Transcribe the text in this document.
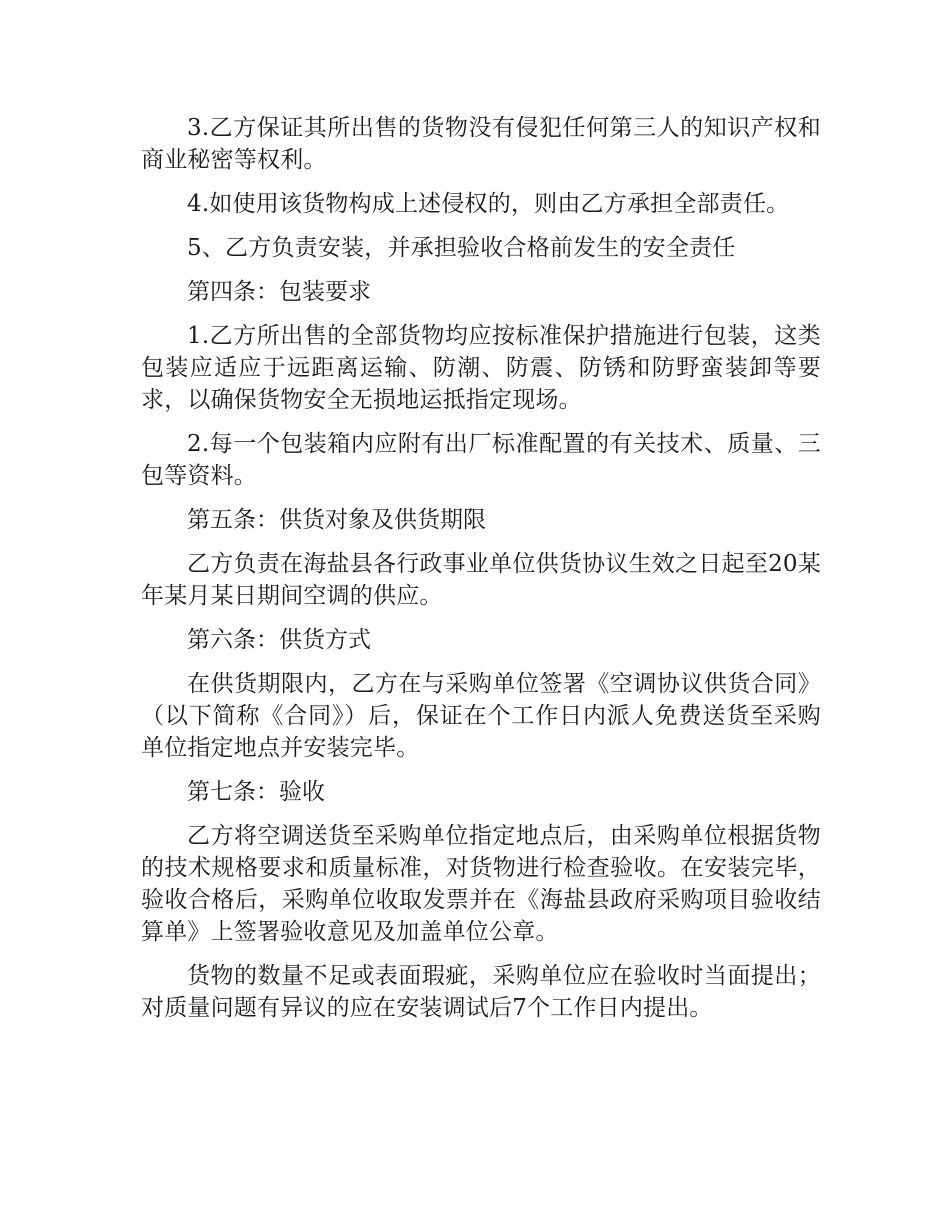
3.乙方保证其所出售的货物没有侵犯任何第三人的知识产权和商业秘密等权利。

4.如使用该货物构成上述侵权的，则由乙方承担全部责任。

5、乙方负责安装，并承担验收合格前发生的安全责任

第四条：包装要求

1.乙方所出售的全部货物均应按标准保护措施进行包装，这类包装应适应于远距离运输、防潮、防震、防锈和防野蛮装卸等要求，以确保货物安全无损地运抵指定现场。

2.每一个包装箱内应附有出厂标准配置的有关技术、质量、三包等资料。

第五条：供货对象及供货期限

乙方负责在海盐县各行政事业单位供货协议生效之日起至20某年某月某日期间空调的供应。

第六条：供货方式

在供货期限内，乙方在与采购单位签署《空调协议供货合同》（以下简称《合同》）后，保证在个工作日内派人免费送货至采购单位指定地点并安装完毕。

第七条：验收

乙方将空调送货至采购单位指定地点后，由采购单位根据货物的技术规格要求和质量标准，对货物进行检查验收。在安装完毕，验收合格后，采购单位收取发票并在《海盐县政府采购项目验收结算单》上签署验收意见及加盖单位公章。

货物的数量不足或表面瑕疵，采购单位应在验收时当面提出；对质量问题有异议的应在安装调试后7个工作日内提出。
